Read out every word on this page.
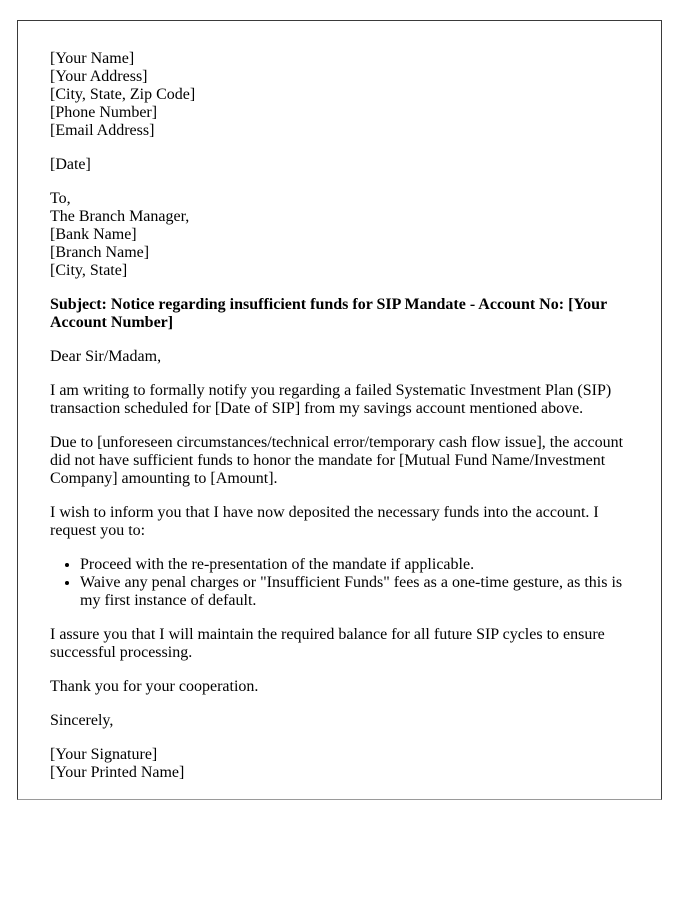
[Your Name]
[Your Address]
[City, State, Zip Code]
[Phone Number]
[Email Address]

[Date]

To,
The Branch Manager,
[Bank Name]
[Branch Name]
[City, State]

Subject: Notice regarding insufficient funds for SIP Mandate - Account No: [Your Account Number]

Dear Sir/Madam,

I am writing to formally notify you regarding a failed Systematic Investment Plan (SIP) transaction scheduled for [Date of SIP] from my savings account mentioned above.

Due to [unforeseen circumstances/technical error/temporary cash flow issue], the account did not have sufficient funds to honor the mandate for [Mutual Fund Name/Investment Company] amounting to [Amount].

I wish to inform you that I have now deposited the necessary funds into the account. I request you to:

• Proceed with the re-presentation of the mandate if applicable.
• Waive any penal charges or "Insufficient Funds" fees as a one-time gesture, as this is my first instance of default.

I assure you that I will maintain the required balance for all future SIP cycles to ensure successful processing.

Thank you for your cooperation.

Sincerely,

[Your Signature]
[Your Printed Name]
